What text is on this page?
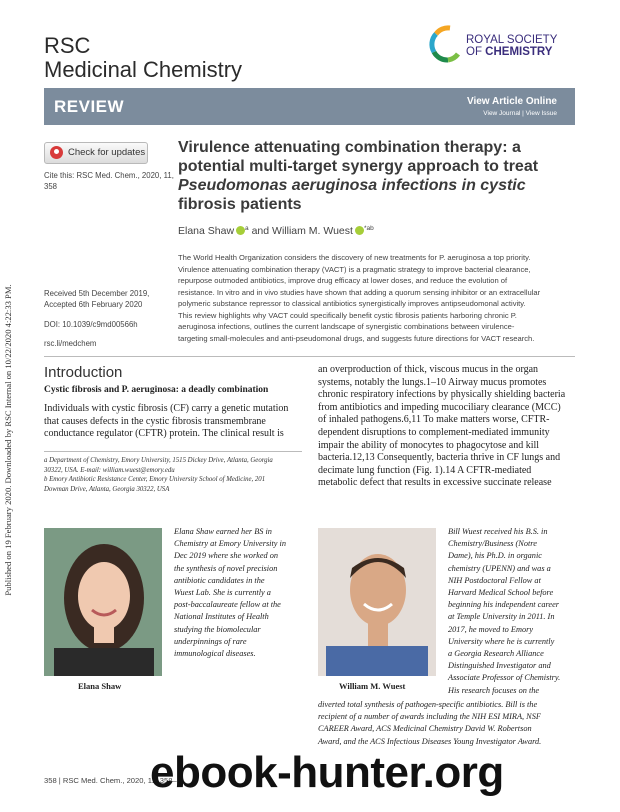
Published on 19 February 2020. Downloaded by RSC Internal on 10/22/2020 4:22:33 PM.
RSC
Medicinal Chemistry
ROYAL SOCIETY
OF CHEMISTRY
REVIEW	View Article Online
View Journal | View Issue
Check for updates
Cite this: RSC Med. Chem., 2020, 11,
358
Received 5th December 2019,
Accepted 6th February 2020
DOI: 10.1039/c9md00566h
rsc.li/medchem
Virulence attenuating combination therapy: a
potential multi-target synergy approach to treat
Pseudomonas aeruginosa infections in cystic
fibrosis patients
Elana Shaw $^a$ and William M. Wuest $^{*ab}$
The World Health Organization considers the discovery of new treatments for P. aeruginosa a top priority.
Virulence attenuating combination therapy (VACT) is a pragmatic strategy to improve bacterial clearance,
repurpose outmoded antibiotics, improve drug efficacy at lower doses, and reduce the evolution of
resistance. In vitro and in vivo studies have shown that adding a quorum sensing inhibitor or an extracellular
polymeric substance repressor to classical antibiotics synergistically improves antipseudomonal activity.
This review highlights why VACT could specifically benefit cystic fibrosis patients harboring chronic P.
aeruginosa infections, outlines the current landscape of synergistic combinations between virulence-
targeting small-molecules and anti-pseudomonal drugs, and suggests future directions for VACT research.
Introduction
Cystic fibrosis and P. aeruginosa: a deadly combination
Individuals with cystic fibrosis (CF) carry a genetic mutation
that causes defects in the cystic fibrosis transmembrane
conductance regulator (CFTR) protein. The clinical result is
an overproduction of thick, viscous mucus in the organ
systems, notably the lungs.1–10 Airway mucus promotes
chronic respiratory infections by physically shielding bacteria
from antibiotics and impeding mucociliary clearance (MCC)
of inhaled pathogens.6,11 To make matters worse, CFTR-
dependent disruptions to complement-mediated immunity
impair the ability of monocytes to phagocytose and kill
bacteria.12,13 Consequently, bacteria thrive in CF lungs and
decimate lung function (Fig. 1).14 A CFTR-mediated
metabolic defect that results in excessive succinate release
a Department of Chemistry, Emory University, 1515 Dickey Drive, Atlanta, Georgia
30322, USA. E-mail: william.wuest@emory.edu
b Emory Antibiotic Resistance Center, Emory University School of Medicine, 201
Dowman Drive, Atlanta, Georgia 30322, USA
Elana Shaw
Elana Shaw earned her BS in
Chemistry at Emory University in
Dec 2019 where she worked on
the synthesis of novel precision
antibiotic candidates in the
Wuest Lab. She is currently a
post-baccalaureate fellow at the
National Institutes of Health
studying the biomolecular
underpinnings of rare
immunological diseases.
William M. Wuest
Bill Wuest received his B.S. in
Chemistry/Business (Notre
Dame), his Ph.D. in organic
chemistry (UPENN) and was a
NIH Postdoctoral Fellow at
Harvard Medical School before
beginning his independent career
at Temple University in 2011. In
2017, he moved to Emory
University where he is currently
a Georgia Research Alliance
Distinguished Investigator and
Associate Professor of Chemistry.
His research focuses on the
diverted total synthesis of pathogen-specific antibiotics. Bill is the
recipient of a number of awards including the NIH ESI MIRA, NSF
CAREER Award, ACS Medicinal Chemistry David W. Robertson
Award, and the ACS Infectious Diseases Young Investigator Award.
358 | RSC Med. Chem., 2020, 11, 358–
ebook-hunter.org
